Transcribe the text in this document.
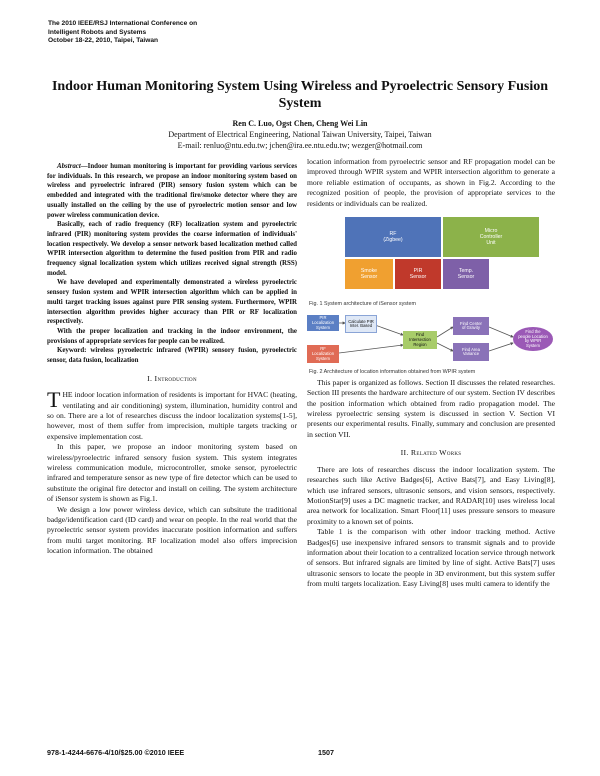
The 2010 IEEE/RSJ International Conference on
Intelligent Robots and Systems
October 18-22, 2010, Taipei, Taiwan
Indoor Human Monitoring System Using Wireless and Pyroelectric Sensory Fusion System
Ren C. Luo, Ogst Chen, Cheng Wei Lin
Department of Electrical Engineering, National Taiwan University, Taipei, Taiwan
E-mail: renluo@ntu.edu.tw; jchen@ira.ee.ntu.edu.tw; wezger@hotmail.com

Abstract—Indoor human monitoring is important for providing various services for individuals. In this research, we propose an indoor monitoring system based on wireless and pyroelectric infrared (PIR) sensory fusion system which can be embedded and integrated with the traditional fire/smoke detector where they are usually installed on the ceiling by the use of pyroelectric motion sensor and low power wireless communication device.

Basically, each of radio frequency (RF) localization system and pyroelectric infrared (PIR) monitoring system provides the coarse information of individuals' location respectively. We develop a sensor network based localization method called WPIR intersection algorithm to determine the fused position from PIR and radio frequency signal localization system which utilizes received signal strength (RSS) model.

We have developed and experimentally demonstrated a wireless pyroelectric sensory fusion system and WPIR intersection algorithm which can be applied in multi target tracking issues against pure PIR sensing system. Furthermore, WPIR intersection algorithm provides higher accuracy than PIR or RF localization respectively.

With the proper localization and tracking in the indoor environment, the provisions of appropriate services for people can be realized.

Keyword: wireless pyroelectric infrared (WPIR) sensory fusion, pyroelectric sensor, data fusion, localization

I. Introduction

THE indoor location information of residents is important for HVAC (heating, ventilating and air conditioning) system, illumination, humidity control and so on. There are a lot of researches discuss the indoor localization systems[1-5], however, most of them suffer from imprecision, multiple targets tracking or expensive implementation cost.

In this paper, we propose an indoor monitoring system based on wireless/pyroelectric infrared sensory fusion system. This system integrates wireless communication module, microcontroller, smoke sensor, pyroelectric infrared and temperature sensor as new type of fire detector which can be used to substitute the original fire detector and install on ceiling. The system architecture of iSensor system is shown as Fig.1.

We design a low power wireless device, which can subsitute the traditional badge/identification card (ID card) and wear on people. In the real world that the pyroelectric sensor system provides inaccurate position information and suffers from multi target monitoring. RF localization model also offers imprecision location information. The obtained

location information from pyroelectric sensor and RF propagation model can be improved through WPIR system and WPIR intersection algorithm to generate a more reliable estimation of occupants, as shown in Fig.2. According to the recognized position of people, the provision of appropriate services to the residents or individuals can be realized.

RF
(Zigbee)
Micro
Controller
Unit
Smoke
Sensor
PIR
Sensor
Temp.
Sensor
Fig. 1 System architecture of iSensor system
PIR
Localization
System
Calculate PIR
Inter. Based
RF
Localization
System
Find
Intersection
Region
Find Center
of Gravity
Find Area
Variance
Find the
people Location
by WPIR
System
Fig. 2 Architecture of location information obtained from WPIR system

This paper is organized as follows. Section II discusses the related researches. Section III presents the hardware architecture of our system. Section IV describes the position information which obtained from radio propagation model. The wireless pyroelectric sensing system is discussed in section V. Section VI presents our experimental results. Finally, summary and conclusion are presented in section VII.

II. Related Works

There are lots of researches discuss the indoor localization system. The researches such like Active Badges[6], Active Bats[7], and Easy Living[8], which use infrared sensors, ultrasonic sensors, and vision sensors, respectively. MotionStar[9] uses a DC magnetic tracker, and RADAR[10] uses wireless local area network for localization. Smart Floor[11] uses pressure sensors to measure proximity to a known set of points.

Table 1 is the comparison with other indoor tracking method. Active Badges[6] use inexpensive infrared sensors to transmit signals and to provide information about their location to a centralized location service through network of sensors. But infrared signals are limited by line of sight. Active Bats[7] uses ultrasonic sensors to locate the people in 3D environment, but this system suffer from multi targets localization. Easy Living[8] uses multi camera to identify the

978-1-4244-6676-4/10/$25.00 ©2010 IEEE	1507
